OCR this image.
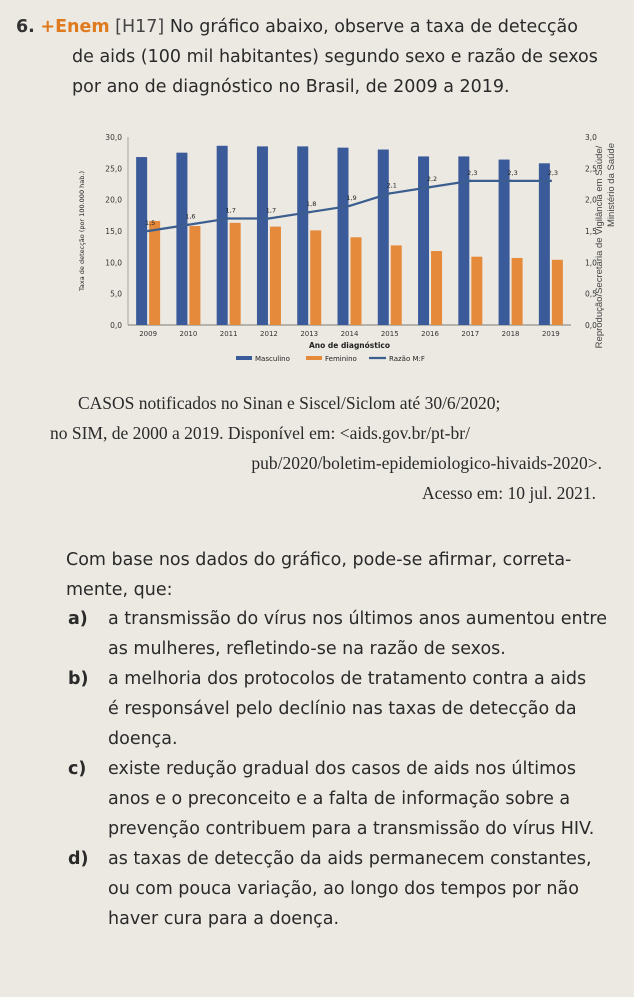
6. +Enem [H17] No gráfico abaixo, observe a taxa de detecção
de aids (100 mil habitantes) segundo sexo e razão de sexos
por ano de diagnóstico no Brasil, de 2009 a 2019.
0,0
5,0
10,0
15,0
20,0
25,0
30,0
0,0
0,5
1,0
1,5
2,0
2,5
3,0
2009	2010	2011	2012	2013	2014	2015	2016	2017	2018	2019
1,5
1,6
1,7	1,7
1,8
1,9
2,1
2,2
2,3	2,3	2,3
Ano de diagnóstico
Taxa de detecção (por 100.000 hab.)
Masculino	Feminino	Razão M:F
Reprodução/Secretaria de Vigilância em Saúde/ Ministério da Saúde
CASOS notificados no Sinan e Siscel/Siclom até 30/6/2020;
no SIM, de 2000 a 2019. Disponível em: <aids.gov.br/pt-br/
pub/2020/boletim-epidemiologico-hivaids-2020>.
Acesso em: 10 jul. 2021.
Com base nos dados do gráfico, pode-se afirmar, correta-
mente, que:
a) a transmissão do vírus nos últimos anos aumentou entre
as mulheres, refletindo-se na razão de sexos.
b) a melhoria dos protocolos de tratamento contra a aids
é responsável pelo declínio nas taxas de detecção da
doença.
c) existe redução gradual dos casos de aids nos últimos
anos e o preconceito e a falta de informação sobre a
prevenção contribuem para a transmissão do vírus HIV.
d) as taxas de detecção da aids permanecem constantes,
ou com pouca variação, ao longo dos tempos por não
haver cura para a doença.
